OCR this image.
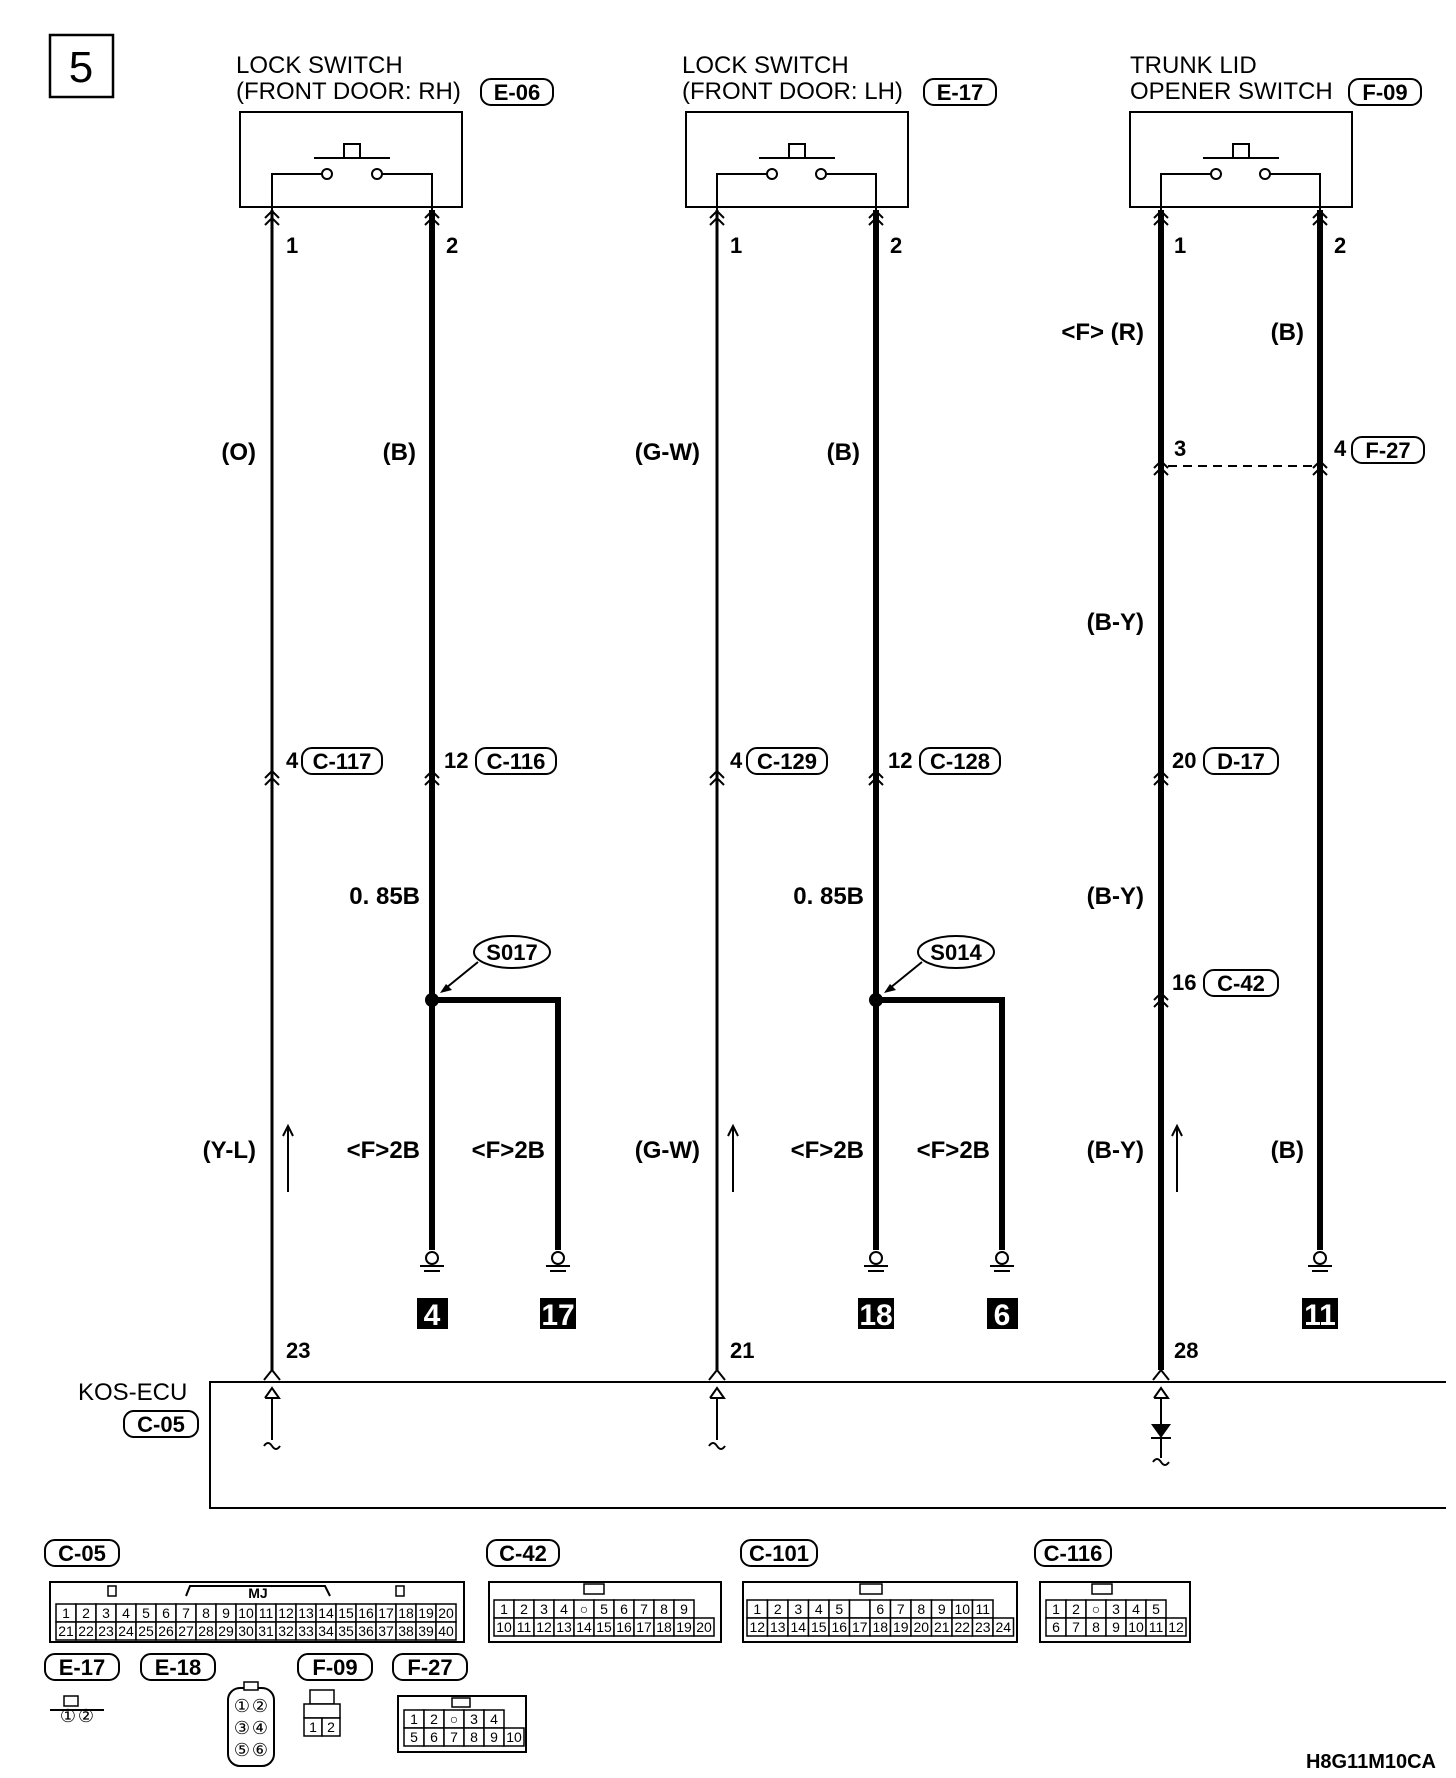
5	LOCK SWITCH
(FRONT DOOR: RH) E-06
LOCK SWITCH
(FRONT DOOR: LH) E-17
TRUNK LID
OPENER SWITCH F-09
1	2
(O)	(B)
4 C-117	12 C-116
0. 85B
S017
(Y-L)	<F>2B <F>2B
4	17
23
1	2
(G-W)	(B)
4 C-129	12 C-128
0. 85B
S014
(G-W)	<F>2B <F>2B
18	6
21
1	2
<F> (R)	(B)
3	4 F-27
(B-Y)
20 D-17
(B-Y)
16 C-42
(B-Y)	(B)
11
28
KOS-ECU
C-05
C-05
MJ
1 2 3 4 5 6 7 8 9 10 11 12 13 14 15 16 17 18 19 20
21 22 23 24 25 26 27 28 29 30 31 32 33 34 35 36 37 38 39 40
C-42
1 2 3 4 ○ 5 6 7 8 9
10 11 12 13 14 15 16 17 18 19 20
C-101
1 2 3 4 5 6 7 8 9 10 11
12 13 14 15 16 17 18 19 20 21 22 23 24
C-116
1 2 ○ 3 4 5
6 7 8 9 10 11 12
E-17
① ②
E-18
① ②
③ ④
⑤ ⑥
F-09
1 2
F-27
1 2 ○ 3 4
5 6 7 8 9 10
H8G11M10CA
